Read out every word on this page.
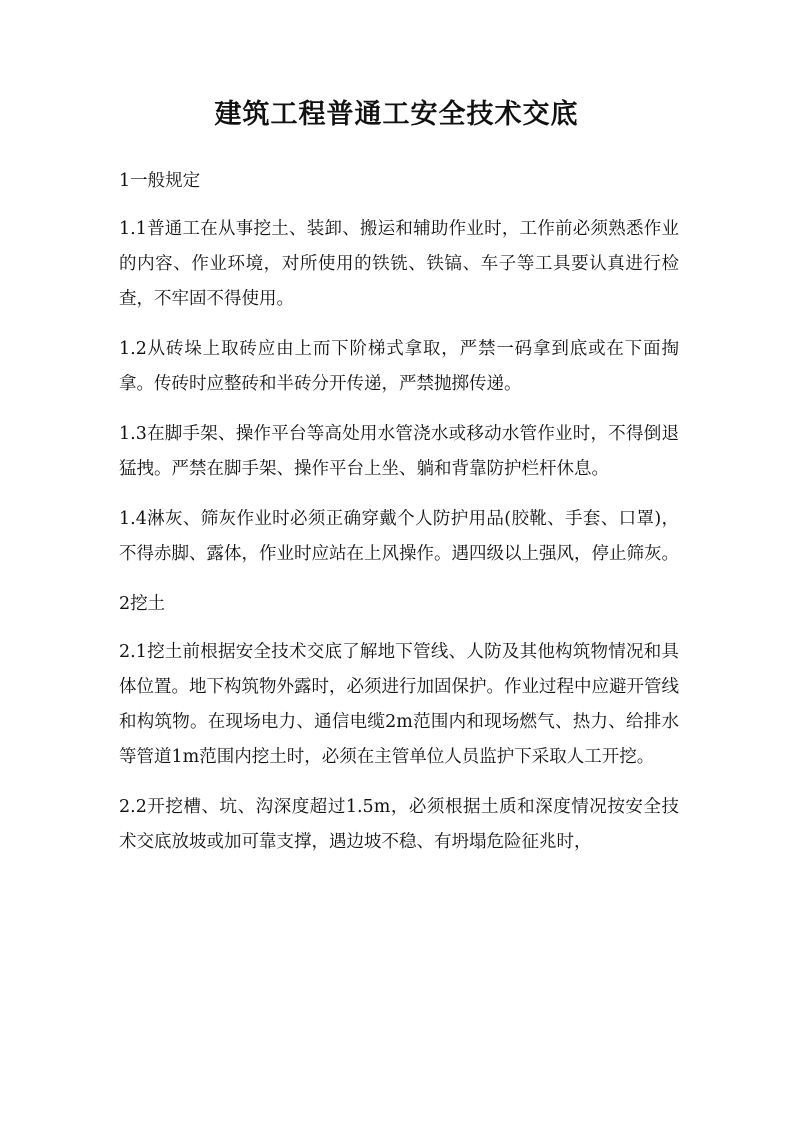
建筑工程普通工安全技术交底

1一般规定

1.1普通工在从事挖土、装卸、搬运和辅助作业时，工作前必须熟悉作业的内容、作业环境，对所使用的铁铣、铁镐、车子等工具要认真进行检查，不牢固不得使用。

1.2从砖垛上取砖应由上而下阶梯式拿取，严禁一码拿到底或在下面掏拿。传砖时应整砖和半砖分开传递，严禁抛掷传递。

1.3在脚手架、操作平台等高处用水管浇水或移动水管作业时，不得倒退猛拽。严禁在脚手架、操作平台上坐、躺和背靠防护栏杆休息。

1.4淋灰、筛灰作业时必须正确穿戴个人防护用品(胶靴、手套、口罩)，不得赤脚、露体，作业时应站在上风操作。遇四级以上强风，停止筛灰。

2挖土

2.1挖土前根据安全技术交底了解地下管线、人防及其他构筑物情况和具体位置。地下构筑物外露时，必须进行加固保护。作业过程中应避开管线和构筑物。在现场电力、通信电缆2m范围内和现场燃气、热力、给排水等管道1m范围内挖土时，必须在主管单位人员监护下采取人工开挖。

2.2开挖槽、坑、沟深度超过1.5m，必须根据土质和深度情况按安全技术交底放坡或加可靠支撑，遇边坡不稳、有坍塌危险征兆时，
